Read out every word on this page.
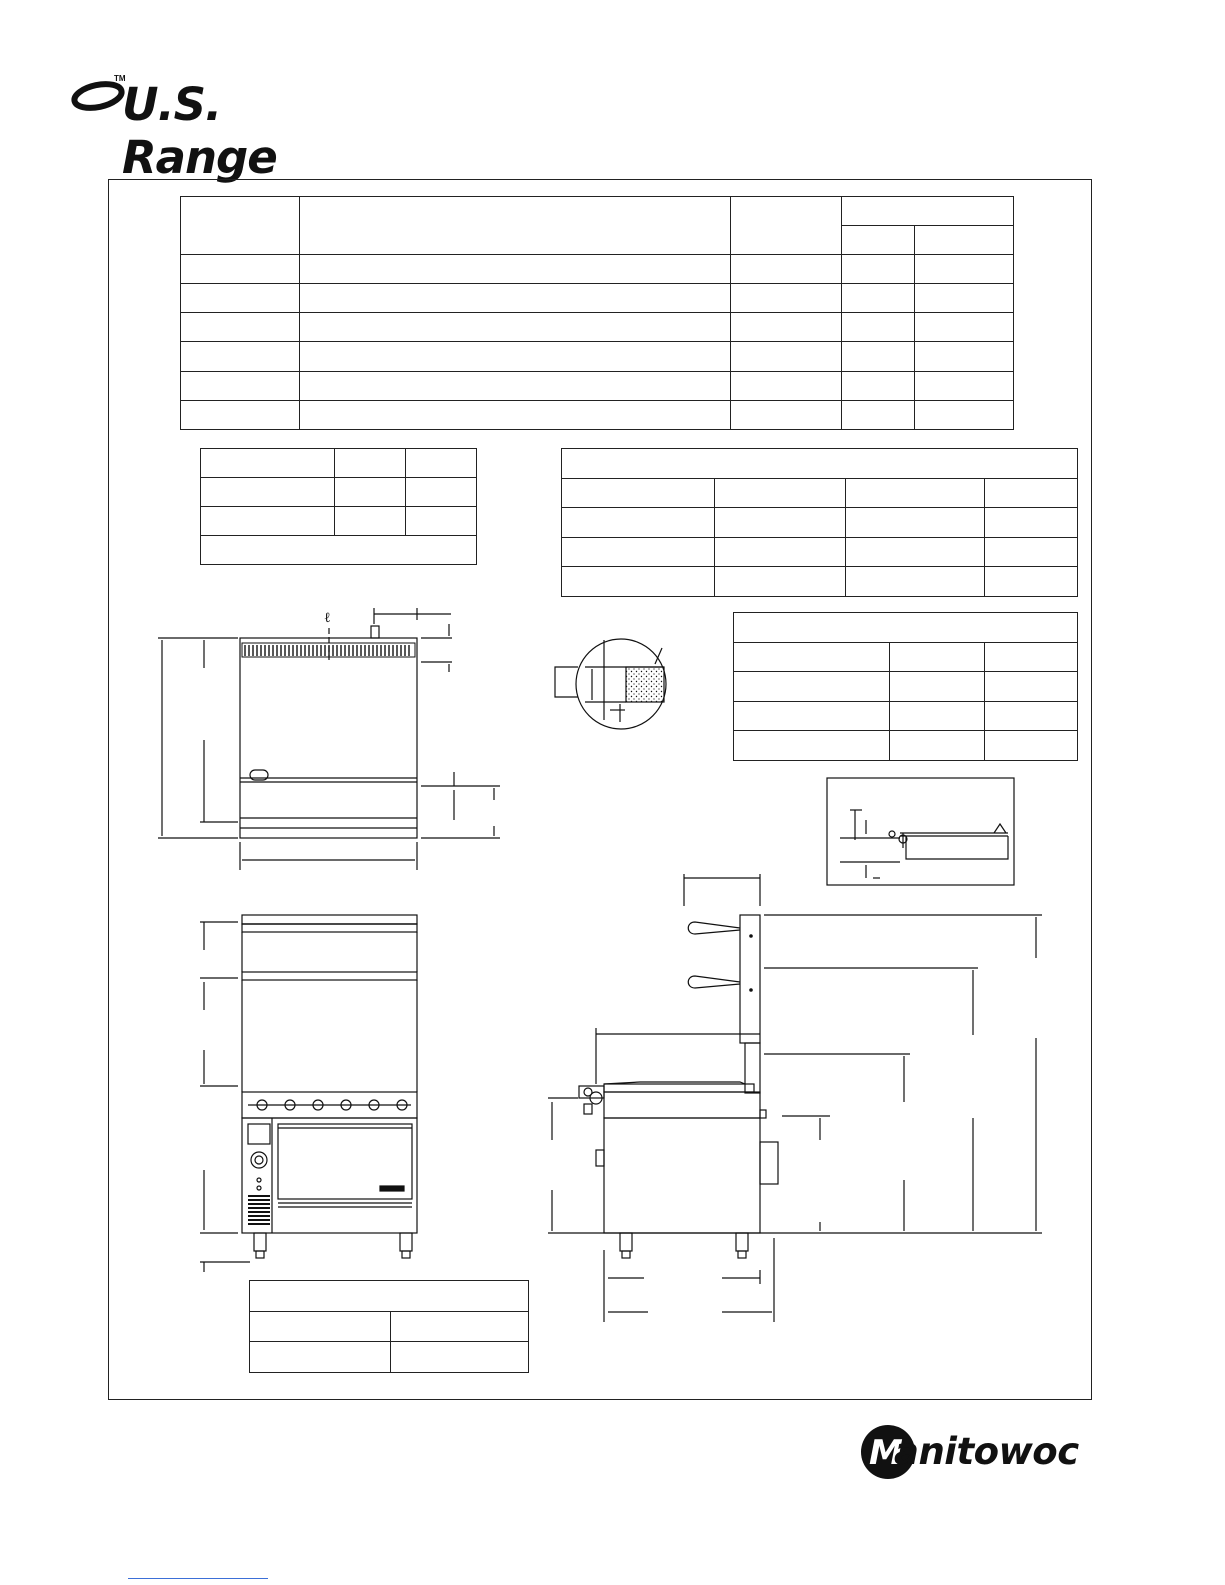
TM
U.S. Range

ℓ
M
anitowoc
